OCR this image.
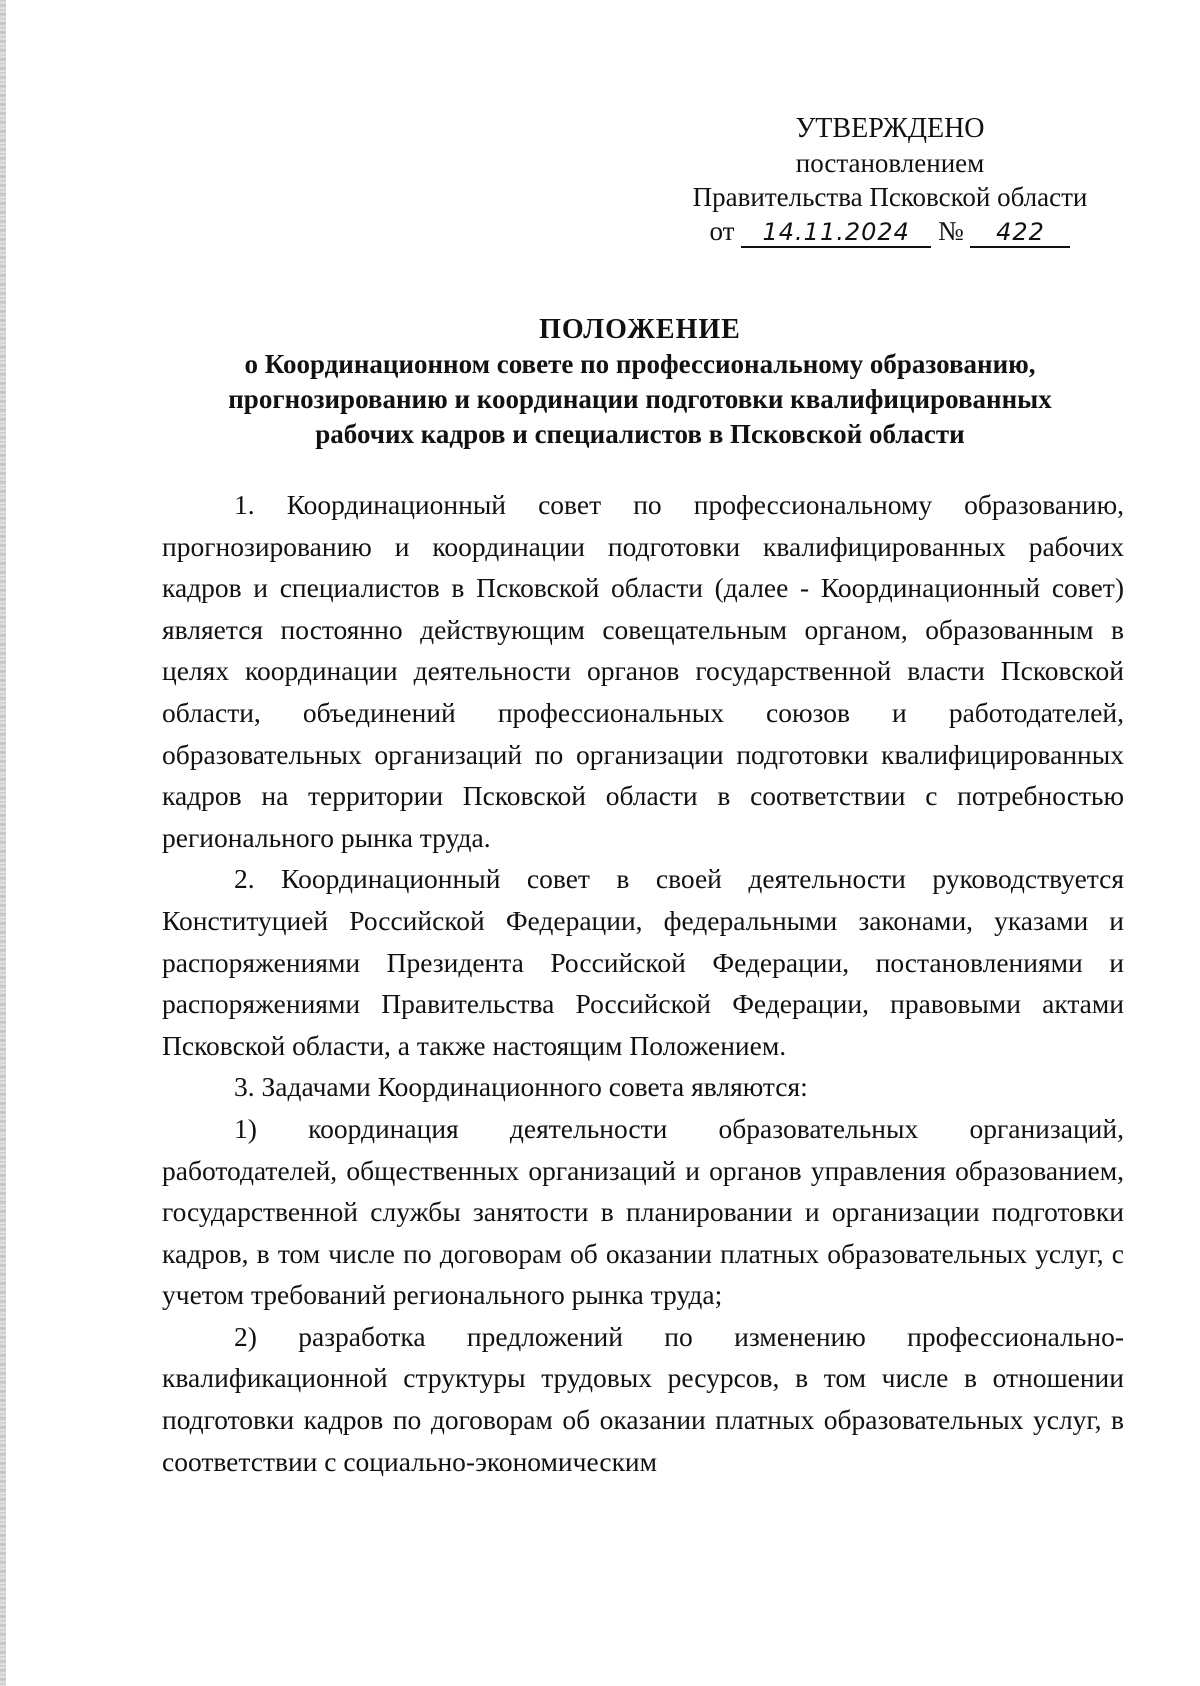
УТВЕРЖДЕНО
постановлением
Правительства Псковской области
от 14.11.2024 № 422
ПОЛОЖЕНИЕ
о Координационном совете по профессиональному образованию,
прогнозированию и координации подготовки квалифицированных
рабочих кадров и специалистов в Псковской области

1. Координационный совет по профессиональному образованию, прогнозированию и координации подготовки квалифицированных рабочих кадров и специалистов в Псковской области (далее - Координационный совет) является постоянно действующим совещательным органом, образованным в целях координации деятельности органов государственной власти Псковской области, объединений профессиональных союзов и работодателей, образовательных организаций по организации подготовки квалифицированных кадров на территории Псковской области в соответствии с потребностью регионального рынка труда.

2. Координационный совет в своей деятельности руководствуется Конституцией Российской Федерации, федеральными законами, указами и распоряжениями Президента Российской Федерации, постановлениями и распоряжениями Правительства Российской Федерации, правовыми актами Псковской области, а также настоящим Положением.

3. Задачами Координационного совета являются:

1) координация деятельности образовательных организаций, работодателей, общественных организаций и органов управления образованием, государственной службы занятости в планировании и организации подготовки кадров, в том числе по договорам об оказании платных образовательных услуг, с учетом требований регионального рынка труда;

2) разработка предложений по изменению профессионально-квалификационной структуры трудовых ресурсов, в том числе в отношении подготовки кадров по договорам об оказании платных образовательных услуг, в соответствии с социально-экономическим
